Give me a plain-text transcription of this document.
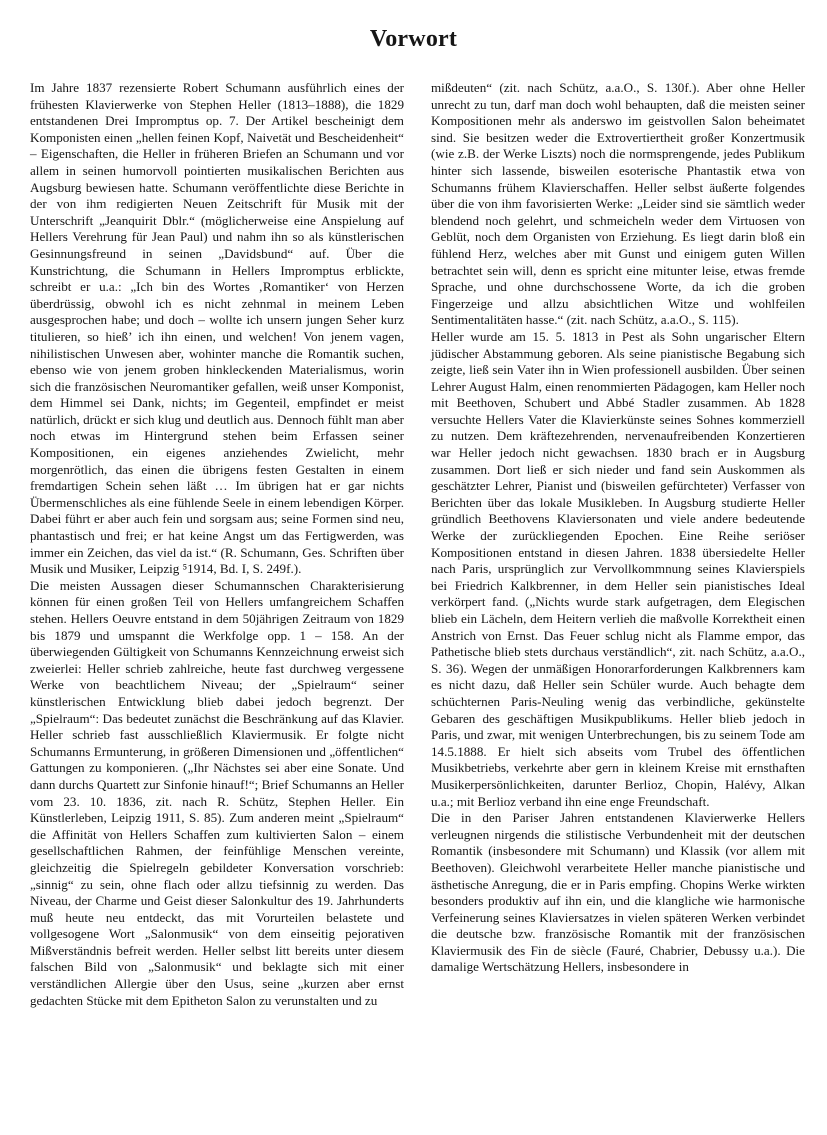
Vorwort

Im Jahre 1837 rezensierte Robert Schumann ausführlich eines der frühesten Klavierwerke von Stephen Heller (1813–1888), die 1829 entstandenen Drei Impromptus op. 7. Der Artikel bescheinigt dem Komponisten einen „hellen feinen Kopf, Naivetät und Bescheidenheit“ – Eigenschaften, die Heller in früheren Briefen an Schumann und vor allem in seinen humorvoll pointierten musikalischen Berichten aus Augsburg bewiesen hatte. Schumann veröffentlichte diese Berichte in der von ihm redigierten Neuen Zeitschrift für Musik mit der Unterschrift „Jeanquirit Dblr.“ (möglicherweise eine Anspielung auf Hellers Verehrung für Jean Paul) und nahm ihn so als künstlerischen Gesinnungsfreund in seinen „Davidsbund“ auf. Über die Kunstrichtung, die Schumann in Hellers Impromptus erblickte, schreibt er u.a.: „Ich bin des Wortes ‚Romantiker‘ von Herzen überdrüssig, obwohl ich es nicht zehnmal in meinem Leben ausgesprochen habe; und doch – wollte ich unsern jungen Seher kurz titulieren, so hieß’ ich ihn einen, und welchen! Von jenem vagen, nihilistischen Unwesen aber, wohinter manche die Romantik suchen, ebenso wie von jenem groben hinkleckenden Materialismus, worin sich die französischen Neuromantiker gefallen, weiß unser Komponist, dem Himmel sei Dank, nichts; im Gegenteil, empfindet er meist natürlich, drückt er sich klug und deutlich aus. Dennoch fühlt man aber noch etwas im Hintergrund stehen beim Erfassen seiner Kompositionen, ein eigenes anziehendes Zwielicht, mehr morgenrötlich, das einen die übrigens festen Gestalten in einem fremdartigen Schein sehen läßt … Im übrigen hat er gar nichts Übermenschliches als eine fühlende Seele in einem lebendigen Körper. Dabei führt er aber auch fein und sorgsam aus; seine Formen sind neu, phantastisch und frei; er hat keine Angst um das Fertigwerden, was immer ein Zeichen, das viel da ist.“ (R. Schumann, Ges. Schriften über Musik und Musiker, Leipzig ⁵1914, Bd. I, S. 249f.).

Die meisten Aussagen dieser Schumannschen Charakterisierung können für einen großen Teil von Hellers umfangreichem Schaffen stehen. Hellers Oeuvre entstand in dem 50jährigen Zeitraum von 1829 bis 1879 und umspannt die Werkfolge opp. 1 – 158. An der überwiegenden Gültigkeit von Schumanns Kennzeichnung erweist sich zweierlei: Heller schrieb zahlreiche, heute fast durchweg vergessene Werke von beachtlichem Niveau; der „Spielraum“ seiner künstlerischen Entwicklung blieb dabei jedoch begrenzt. Der „Spielraum“: Das bedeutet zunächst die Beschränkung auf das Klavier. Heller schrieb fast ausschließlich Klaviermusik. Er folgte nicht Schumanns Ermunterung, in größeren Dimensionen und „öffentlichen“ Gattungen zu komponieren. („Ihr Nächstes sei aber eine Sonate. Und dann durchs Quartett zur Sinfonie hinauf!“; Brief Schumanns an Heller vom 23. 10. 1836, zit. nach R. Schütz, Stephen Heller. Ein Künstlerleben, Leipzig 1911, S. 85). Zum anderen meint „Spielraum“ die Affinität von Hellers Schaffen zum kultivierten Salon – einem gesellschaftlichen Rahmen, der feinfühlige Menschen vereinte, gleichzeitig die Spielregeln gebildeter Konversation vorschrieb: „sinnig“ zu sein, ohne flach oder allzu tiefsinnig zu werden. Das Niveau, der Charme und Geist dieser Salonkultur des 19. Jahrhunderts muß heute neu entdeckt, das mit Vorurteilen belastete und vollgesogene Wort „Salonmusik“ von dem einseitig pejorativen Mißverständnis befreit werden. Heller selbst litt bereits unter diesem falschen Bild von „Salonmusik“ und beklagte sich mit einer verständlichen Allergie über den Usus, seine „kurzen aber ernst gedachten Stücke mit dem Epitheton Salon zu verunstalten und zu

mißdeuten“ (zit. nach Schütz, a.a.O., S. 130f.). Aber ohne Heller unrecht zu tun, darf man doch wohl behaupten, daß die meisten seiner Kompositionen mehr als anderswo im geistvollen Salon beheimatet sind. Sie besitzen weder die Extrovertiertheit großer Konzertmusik (wie z.B. der Werke Liszts) noch die normsprengende, jedes Publikum hinter sich lassende, bisweilen esoterische Phantastik etwa von Schumanns frühem Klavierschaffen. Heller selbst äußerte folgendes über die von ihm favorisierten Werke: „Leider sind sie sämtlich weder blendend noch gelehrt, und schmeicheln weder dem Virtuosen von Geblüt, noch dem Organisten von Erziehung. Es liegt darin bloß ein fühlend Herz, welches aber mit Gunst und einigem guten Willen betrachtet sein will, denn es spricht eine mitunter leise, etwas fremde Sprache, und ohne durchschossene Worte, da ich die groben Fingerzeige und allzu absichtlichen Witze und wohlfeilen Sentimentalitäten hasse.“ (zit. nach Schütz, a.a.O., S. 115).

Heller wurde am 15. 5. 1813 in Pest als Sohn ungarischer Eltern jüdischer Abstammung geboren. Als seine pianistische Begabung sich zeigte, ließ sein Vater ihn in Wien professionell ausbilden. Über seinen Lehrer August Halm, einen renommierten Pädagogen, kam Heller noch mit Beethoven, Schubert und Abbé Stadler zusammen. Ab 1828 versuchte Hellers Vater die Klavierkünste seines Sohnes kommerziell zu nutzen. Dem kräftezehrenden, nervenaufreibenden Konzertieren war Heller jedoch nicht gewachsen. 1830 brach er in Augsburg zusammen. Dort ließ er sich nieder und fand sein Auskommen als geschätzter Lehrer, Pianist und (bisweilen gefürchteter) Verfasser von Berichten über das lokale Musikleben. In Augsburg studierte Heller gründlich Beethovens Klaviersonaten und viele andere bedeutende Werke der zurückliegenden Epochen. Eine Reihe seriöser Kompositionen entstand in diesen Jahren. 1838 übersiedelte Heller nach Paris, ursprünglich zur Vervollkommnung seines Klavierspiels bei Friedrich Kalkbrenner, in dem Heller sein pianistisches Ideal verkörpert fand. („Nichts wurde stark aufgetragen, dem Elegischen blieb ein Lächeln, dem Heitern verlieh die maßvolle Korrektheit einen Anstrich von Ernst. Das Feuer schlug nicht als Flamme empor, das Pathetische blieb stets durchaus verständlich“, zit. nach Schütz, a.a.O., S. 36). Wegen der unmäßigen Honorarforderungen Kalkbrenners kam es nicht dazu, daß Heller sein Schüler wurde. Auch behagte dem schüchternen Paris-Neuling wenig das verbindliche, gekünstelte Gebaren des geschäftigen Musikpublikums. Heller blieb jedoch in Paris, und zwar, mit wenigen Unterbrechungen, bis zu seinem Tode am 14.5.1888. Er hielt sich abseits vom Trubel des öffentlichen Musikbetriebs, verkehrte aber gern in kleinem Kreise mit ernsthaften Musikerpersönlichkeiten, darunter Berlioz, Chopin, Halévy, Alkan u.a.; mit Berlioz verband ihn eine enge Freundschaft.

Die in den Pariser Jahren entstandenen Klavierwerke Hellers verleugnen nirgends die stilistische Verbundenheit mit der deutschen Romantik (insbesondere mit Schumann) und Klassik (vor allem mit Beethoven). Gleichwohl verarbeitete Heller manche pianistische und ästhetische Anregung, die er in Paris empfing. Chopins Werke wirkten besonders produktiv auf ihn ein, und die klangliche wie harmonische Verfeinerung seines Klaviersatzes in vielen späteren Werken verbindet die deutsche bzw. französische Romantik mit der französischen Klaviermusik des Fin de siècle (Fauré, Chabrier, Debussy u.a.). Die damalige Wertschätzung Hellers, insbesondere in
